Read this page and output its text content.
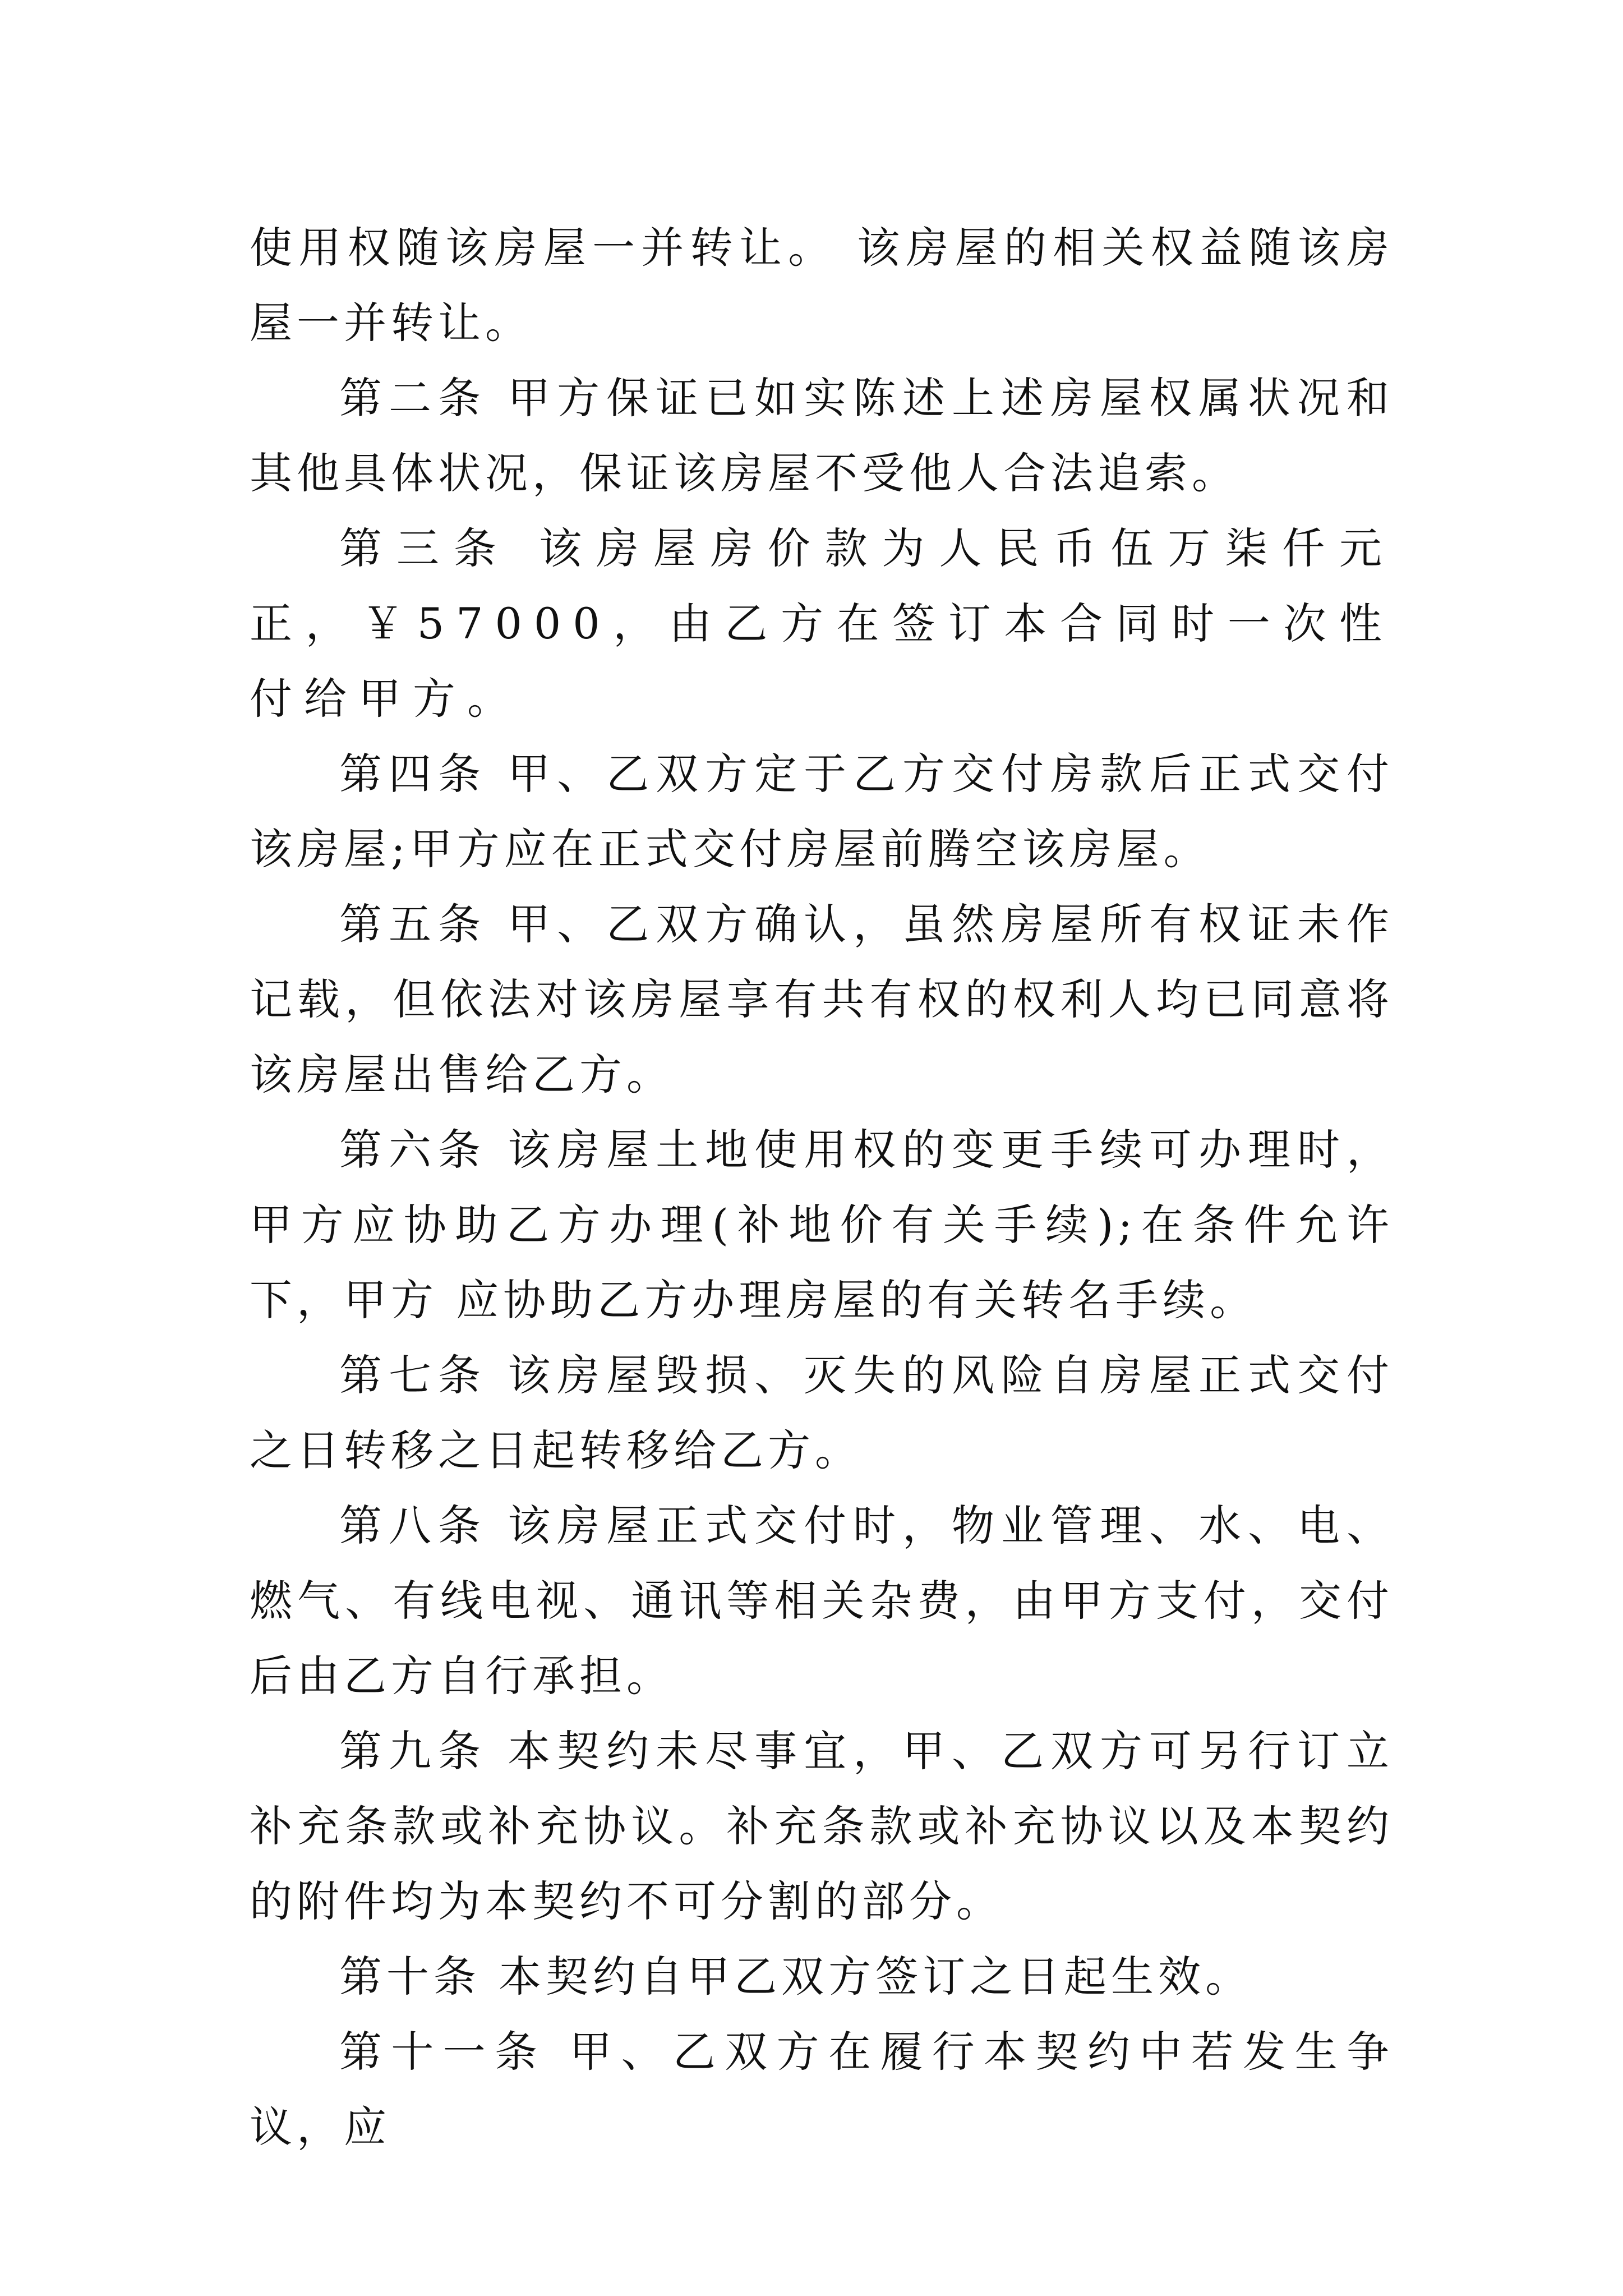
使用权随该房屋一并转让。 该房屋的相关权益随该房屋一并转让。

第二条 甲方保证已如实陈述上述房屋权属状况和其他具体状况，保证该房屋不受他人合法追索。

第三条 该房屋房价款为人民币伍万柒仟元正，￥57000，由乙方在签订本合同时一次性付给甲方。

第四条 甲、乙双方定于乙方交付房款后正式交付该房屋;甲方应在正式交付房屋前腾空该房屋。

第五条 甲、乙双方确认，虽然房屋所有权证未作记载，但依法对该房屋享有共有权的权利人均已同意将该房屋出售给乙方。

第六条 该房屋土地使用权的变更手续可办理时，甲方应协助乙方办理(补地价有关手续);在条件允许下，甲方 应协助乙方办理房屋的有关转名手续。

第七条 该房屋毁损、灭失的风险自房屋正式交付之日转移之日起转移给乙方。

第八条 该房屋正式交付时，物业管理、水、电、燃气、有线电视、通讯等相关杂费，由甲方支付，交付后由乙方自行承担。

第九条 本契约未尽事宜，甲、乙双方可另行订立补充条款或补充协议。补充条款或补充协议以及本契约的附件均为本契约不可分割的部分。

第十条 本契约自甲乙双方签订之日起生效。

第十一条 甲、乙双方在履行本契约中若发生争议，应
